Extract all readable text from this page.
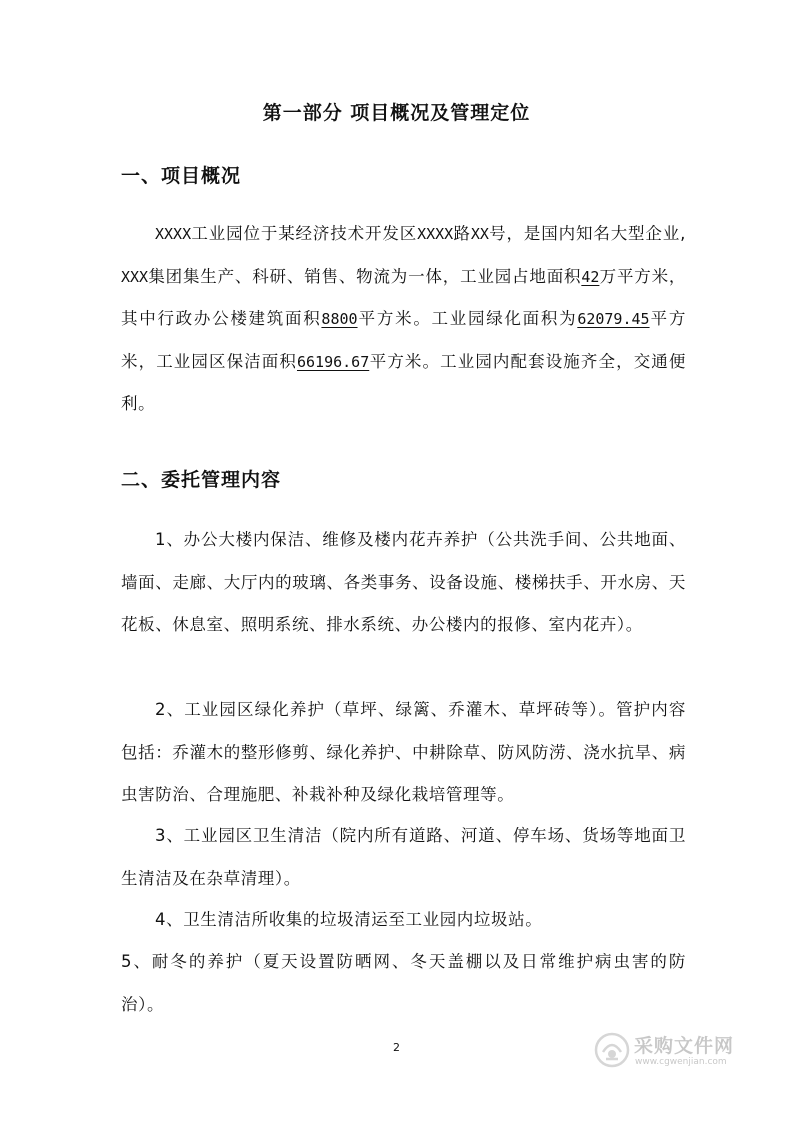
第一部分 项目概况及管理定位
一、项目概况
XXXX工业园位于某经济技术开发区XXXX路XX号，是国内知名大型企业,XXX集团集生产、科研、销售、物流为一体，工业园占地面积42万平方米，其中行政办公楼建筑面积8800平方米。工业园绿化面积为62079.45平方米，工业园区保洁面积66196.67平方米。工业园内配套设施齐全，交通便利。
二、委托管理内容
1、办公大楼内保洁、维修及楼内花卉养护（公共洗手间、公共地面、墙面、走廊、大厅内的玻璃、各类事务、设备设施、楼梯扶手、开水房、天花板、休息室、照明系统、排水系统、办公楼内的报修、室内花卉）。
2、工业园区绿化养护（草坪、绿篱、乔灌木、草坪砖等）。管护内容包括：乔灌木的整形修剪、绿化养护、中耕除草、防风防涝、浇水抗旱、病虫害防治、合理施肥、补栽补种及绿化栽培管理等。
3、工业园区卫生清洁（院内所有道路、河道、停车场、货场等地面卫生清洁及在杂草清理）。
4、卫生清洁所收集的垃圾清运至工业园内垃圾站。
5、耐冬的养护（夏天设置防晒网、冬天盖棚以及日常维护病虫害的防治）。
2	采购文件网
www.cgwenjian.com
